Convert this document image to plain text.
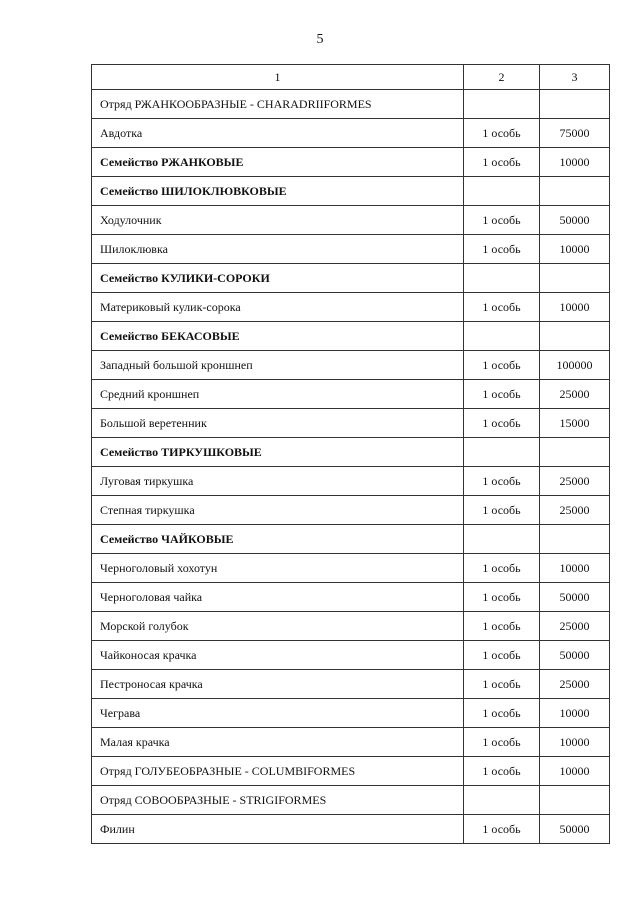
5
1	2	3
Отряд РЖАНКООБРАЗНЫЕ - CHARADRIIFORMES		
Авдотка	1 особь	75000
Семейство РЖАНКОВЫЕ	1 особь	10000
Семейство ШИЛОКЛЮВКОВЫЕ		
Ходулочник	1 особь	50000
Шилоклювка	1 особь	10000
Семейство КУЛИКИ-СОРОКИ		
Материковый кулик-сорока	1 особь	10000
Семейство БЕКАСОВЫЕ		
Западный большой кроншнеп	1 особь	100000
Средний кроншнеп	1 особь	25000
Большой веретенник	1 особь	15000
Семейство ТИРКУШКОВЫЕ		
Луговая тиркушка	1 особь	25000
Степная тиркушка	1 особь	25000
Семейство ЧАЙКОВЫЕ		
Черноголовый хохотун	1 особь	10000
Черноголовая чайка	1 особь	50000
Морской голубок	1 особь	25000
Чайконосая крачка	1 особь	50000
Пестроносая крачка	1 особь	25000
Чеграва	1 особь	10000
Малая крачка	1 особь	10000
Отряд ГОЛУБЕОБРАЗНЫЕ - COLUMBIFORMES	1 особь	10000
Отряд СОВООБРАЗНЫЕ - STRIGIFORMES		
Филин	1 особь	50000
